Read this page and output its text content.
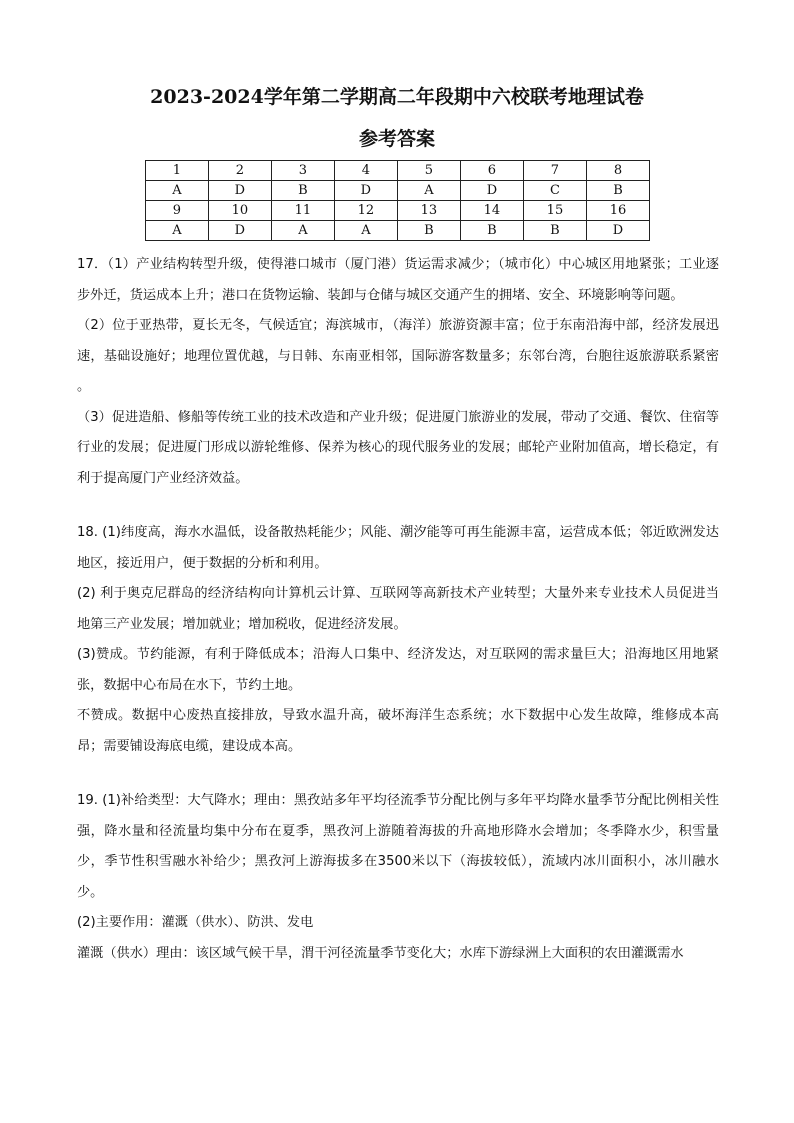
2023-2024学年第二学期高二年段期中六校联考地理试卷
参考答案
1	2	3	4	5	6	7	8
A	D	B	D	A	D	C	B
9	10	11	12	13	14	15	16
A	D	A	A	B	B	B	D

17．（1）产业结构转型升级，使得港口城市（厦门港）货运需求减少；（城市化）中心城区用地紧张；工业逐步外迁，货运成本上升；港口在货物运输、装卸与仓储与城区交通产生的拥堵、安全、环境影响等问题。

（2）位于亚热带，夏长无冬，气候适宜；海滨城市，（海洋）旅游资源丰富；位于东南沿海中部，经济发展迅速，基础设施好；地理位置优越，与日韩、东南亚相邻，国际游客数量多；东邻台湾，台胞往返旅游联系紧密 。

（3）促进造船、修船等传统工业的技术改造和产业升级；促进厦门旅游业的发展，带动了交通、餐饮、住宿等行业的发展；促进厦门形成以游轮维修、保养为核心的现代服务业的发展；邮轮产业附加值高，增长稳定，有利于提高厦门产业经济效益。

18. (1)纬度高，海水水温低，设备散热耗能少；风能、潮汐能等可再生能源丰富，运营成本低；邻近欧洲发达地区，接近用户，便于数据的分析和利用。

(2) 利于奥克尼群岛的经济结构向计算机云计算、互联网等高新技术产业转型；大量外来专业技术人员促进当地第三产业发展；增加就业；增加税收，促进经济发展。

(3)赞成。节约能源，有利于降低成本；沿海人口集中、经济发达，对互联网的需求量巨大；沿海地区用地紧张，数据中心布局在水下，节约土地。

不赞成。数据中心废热直接排放，导致水温升高，破坏海洋生态系统；水下数据中心发生故障，维修成本高昂；需要铺设海底电缆，建设成本高。

19. (1)补给类型：大气降水；理由：黑孜站多年平均径流季节分配比例与多年平均降水量季节分配比例相关性强，降水量和径流量均集中分布在夏季，黑孜河上游随着海拔的升高地形降水会增加；冬季降水少，积雪量少，季节性积雪融水补给少；黑孜河上游海拔多在3500米以下（海拔较低），流域内冰川面积小，冰川融水少。

(2)主要作用：灌溉（供水）、防洪、发电

灌溉（供水）理由：该区域气候干旱，渭干河径流量季节变化大；水库下游绿洲上大面积的农田灌溉需水
